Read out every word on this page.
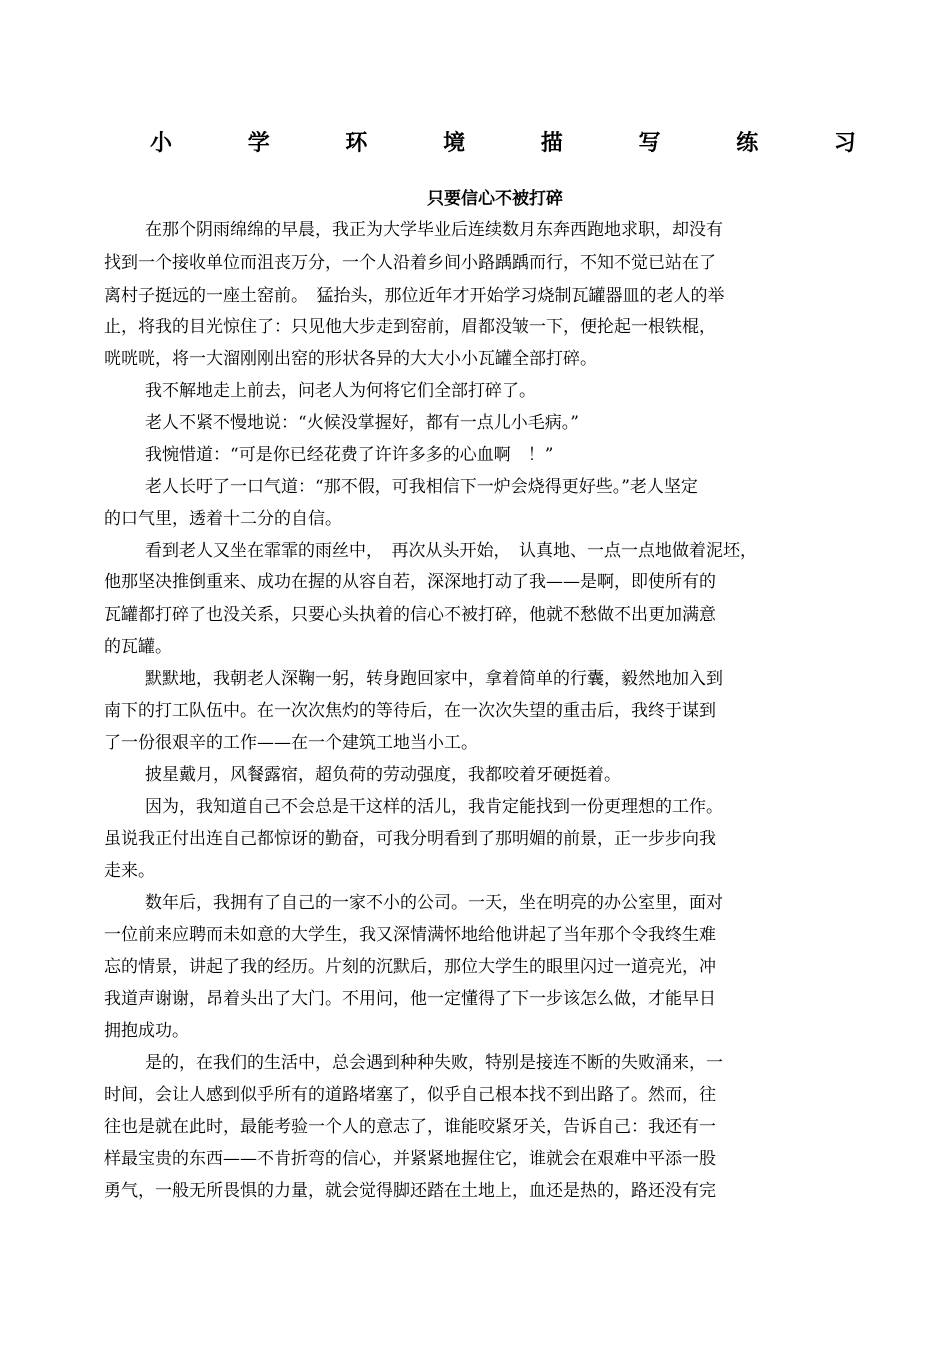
小	学	环	境	描	写	练	习
只要信心不被打碎

在那个阴雨绵绵的早晨，我正为大学毕业后连续数月东奔西跑地求职，却没有

找到一个接收单位而沮丧万分，一个人沿着乡间小路踽踽而行，不知不觉已站在了

离村子挺远的一座土窑前。　猛抬头，那位近年才开始学习烧制瓦罐器皿的老人的举

止，将我的目光惊住了：只见他大步走到窑前，眉都没皱一下，便抡起一根铁棍，

咣咣咣，将一大溜刚刚出窑的形状各异的大大小小瓦罐全部打碎。

我不解地走上前去，问老人为何将它们全部打碎了。

老人不紧不慢地说：“火候没掌握好，都有一点儿小毛病。”

我惋惜道：“可是你已经花费了许许多多的心血啊　！”

老人长吁了一口气道：“那不假，可我相信下一炉会烧得更好些。”老人坚定

的口气里，透着十二分的自信。

看到老人又坐在霏霏的雨丝中，　再次从头开始，　认真地、一点一点地做着泥坯，

他那坚决推倒重来、成功在握的从容自若，深深地打动了我——是啊，即使所有的

瓦罐都打碎了也没关系，只要心头执着的信心不被打碎，他就不愁做不出更加满意

的瓦罐。

默默地，我朝老人深鞠一躬，转身跑回家中，拿着简单的行囊，毅然地加入到

南下的打工队伍中。在一次次焦灼的等待后，在一次次失望的重击后，我终于谋到

了一份很艰辛的工作——在一个建筑工地当小工。

披星戴月，风餐露宿，超负荷的劳动强度，我都咬着牙硬挺着。

因为，我知道自己不会总是干这样的活儿，我肯定能找到一份更理想的工作。

虽说我正付出连自己都惊讶的勤奋，可我分明看到了那明媚的前景，正一步步向我

走来。

数年后，我拥有了自己的一家不小的公司。一天，坐在明亮的办公室里，面对

一位前来应聘而未如意的大学生，我又深情满怀地给他讲起了当年那个令我终生难

忘的情景，讲起了我的经历。片刻的沉默后，那位大学生的眼里闪过一道亮光，冲

我道声谢谢，昂着头出了大门。不用问，他一定懂得了下一步该怎么做，才能早日

拥抱成功。

是的，在我们的生活中，总会遇到种种失败，特别是接连不断的失败涌来，一

时间，会让人感到似乎所有的道路堵塞了，似乎自己根本找不到出路了。然而，往

往也是就在此时，最能考验一个人的意志了，谁能咬紧牙关，告诉自己：我还有一

样最宝贵的东西——不肯折弯的信心，并紧紧地握住它，谁就会在艰难中平添一股

勇气，一般无所畏惧的力量，就会觉得脚还踏在土地上，血还是热的，路还没有完
